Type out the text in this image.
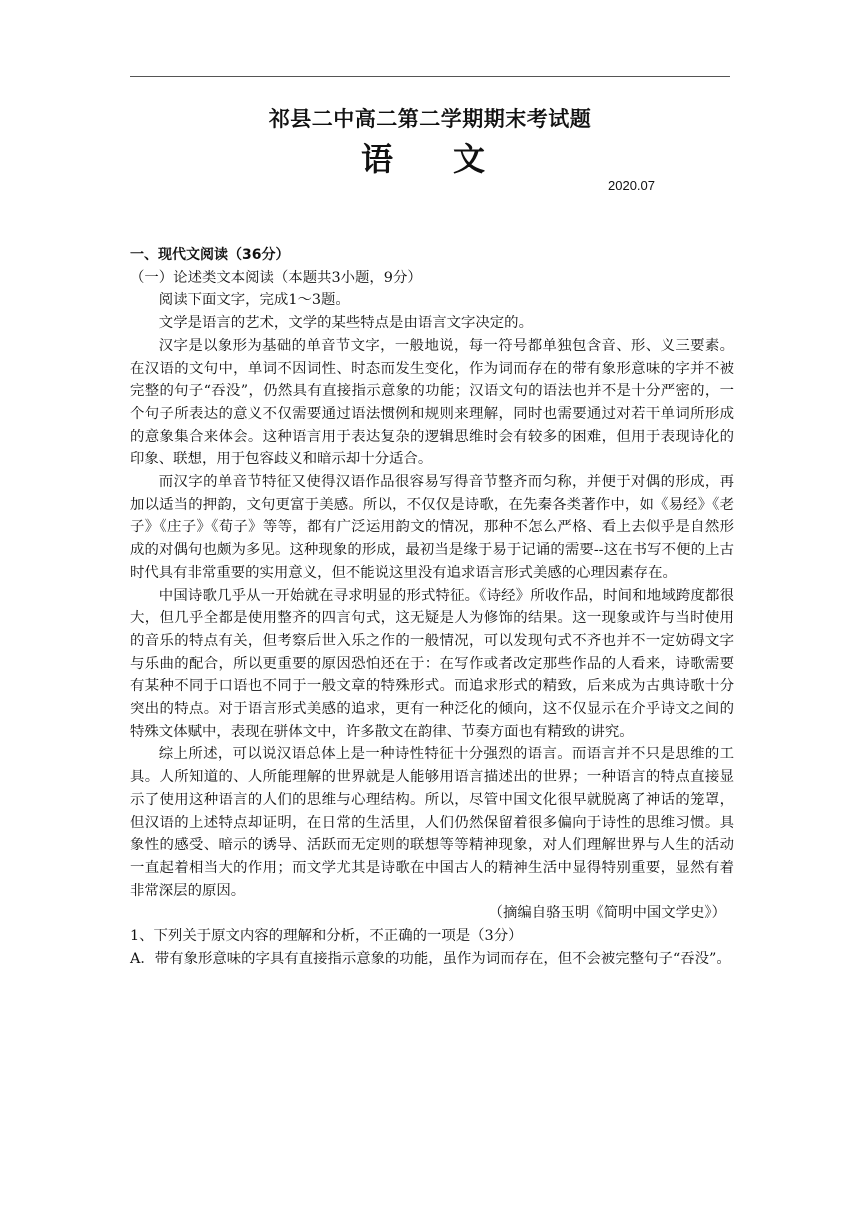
祁县二中高二第二学期期末考试题
语　文
2020.07

一、现代文阅读（36分）

（一）论述类文本阅读（本题共3小题，9分）

阅读下面文字，完成1～3题。

文学是语言的艺术，文学的某些特点是由语言文字决定的。

汉字是以象形为基础的单音节文字，一般地说，每一符号都单独包含音、形、义三要素。在汉语的文句中，单词不因词性、时态而发生变化，作为词而存在的带有象形意味的字并不被完整的句子“吞没”，仍然具有直接指示意象的功能；汉语文句的语法也并不是十分严密的，一个句子所表达的意义不仅需要通过语法惯例和规则来理解，同时也需要通过对若干单词所形成的意象集合来体会。这种语言用于表达复杂的逻辑思维时会有较多的困难，但用于表现诗化的印象、联想，用于包容歧义和暗示却十分适合。

而汉字的单音节特征又使得汉语作品很容易写得音节整齐而匀称，并便于对偶的形成，再加以适当的押韵，文句更富于美感。所以，不仅仅是诗歌，在先秦各类著作中，如《易经》《老子》《庄子》《荀子》等等，都有广泛运用韵文的情况，那种不怎么严格、看上去似乎是自然形成的对偶句也颇为多见。这种现象的形成，最初当是缘于易于记诵的需要--这在书写不便的上古时代具有非常重要的实用意义，但不能说这里没有追求语言形式美感的心理因素存在。

中国诗歌几乎从一开始就在寻求明显的形式特征。《诗经》所收作品，时间和地域跨度都很大，但几乎全都是使用整齐的四言句式，这无疑是人为修饰的结果。这一现象或许与当时使用的音乐的特点有关，但考察后世入乐之作的一般情况，可以发现句式不齐也并不一定妨碍文字与乐曲的配合，所以更重要的原因恐怕还在于：在写作或者改定那些作品的人看来，诗歌需要有某种不同于口语也不同于一般文章的特殊形式。而追求形式的精致，后来成为古典诗歌十分突出的特点。对于语言形式美感的追求，更有一种泛化的倾向，这不仅显示在介乎诗文之间的特殊文体赋中，表现在骈体文中，许多散文在韵律、节奏方面也有精致的讲究。

综上所述，可以说汉语总体上是一种诗性特征十分强烈的语言。而语言并不只是思维的工具。人所知道的、人所能理解的世界就是人能够用语言描述出的世界；一种语言的特点直接显示了使用这种语言的人们的思维与心理结构。所以，尽管中国文化很早就脱离了神话的笼罩，但汉语的上述特点却证明，在日常的生活里，人们仍然保留着很多偏向于诗性的思维习惯。具象性的感受、暗示的诱导、活跃而无定则的联想等等精神现象，对人们理解世界与人生的活动一直起着相当大的作用；而文学尤其是诗歌在中国古人的精神生活中显得特别重要，显然有着非常深层的原因。

（摘编自骆玉明《简明中国文学史》）

1、下列关于原文内容的理解和分析，不正确的一项是（3分）

A．带有象形意味的字具有直接指示意象的功能，虽作为词而存在，但不会被完整句子“吞没”。
